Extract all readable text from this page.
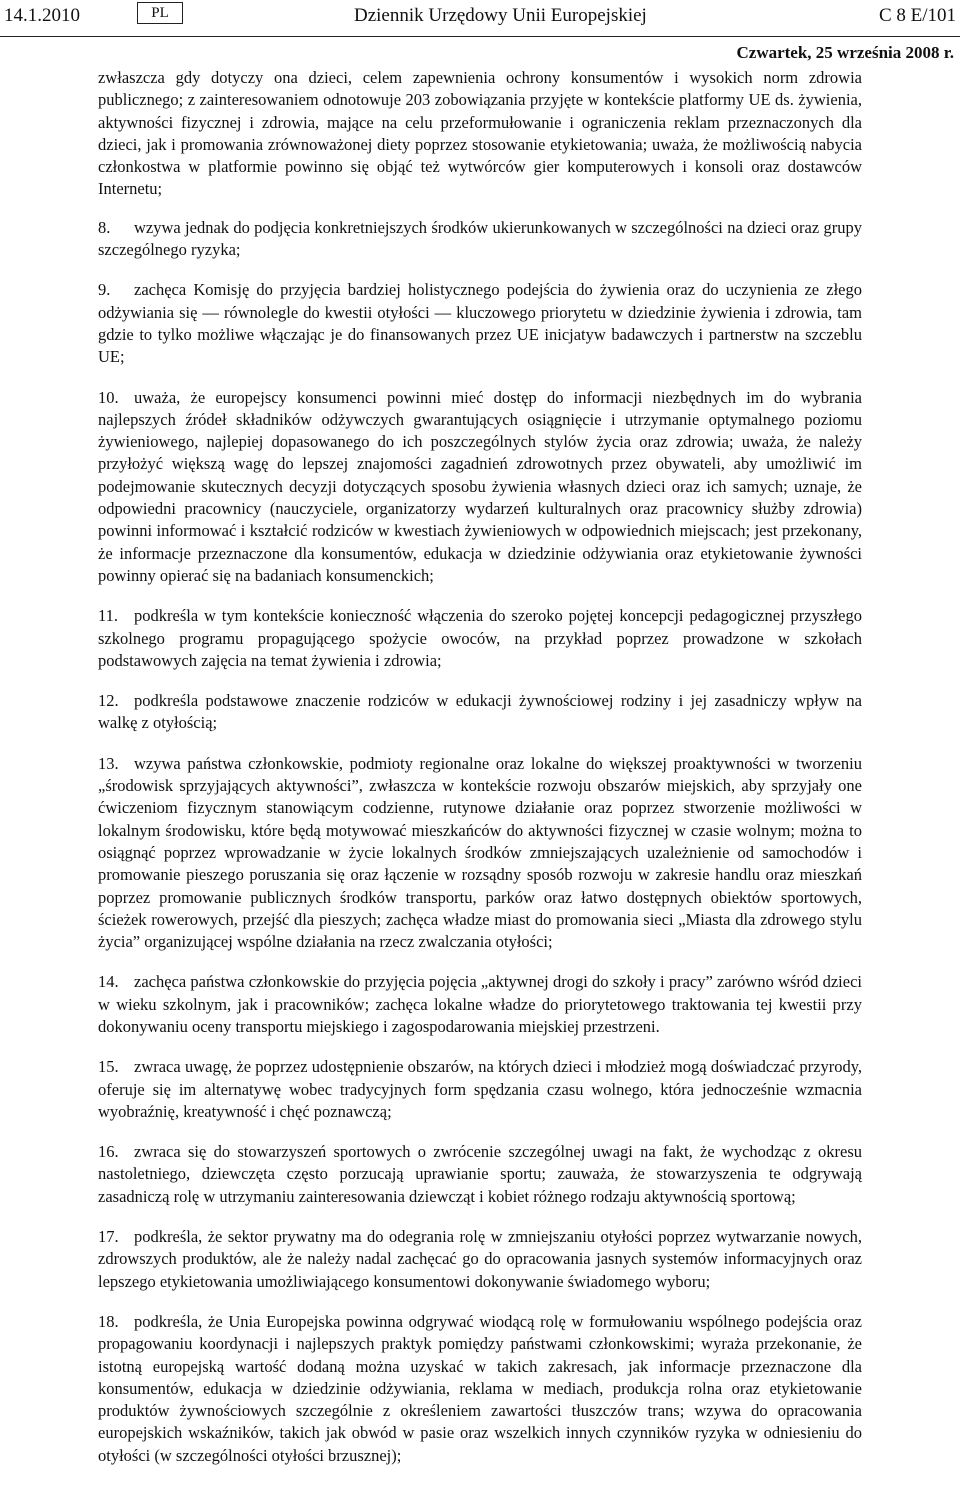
14.1.2010	PL	Dziennik Urzędowy Unii Europejskiej	C 8 E/101
Czwartek, 25 września 2008 r.

zwłaszcza gdy dotyczy ona dzieci, celem zapewnienia ochrony konsumentów i wysokich norm zdrowia publicznego; z zainteresowaniem odnotowuje 203 zobowiązania przyjęte w kontekście platformy UE ds. żywienia, aktywności fizycznej i zdrowia, mające na celu przeformułowanie i ograniczenia reklam przeznaczonych dla dzieci, jak i promowania zrównoważonej diety poprzez stosowanie etykietowania; uważa, że możliwością nabycia członkostwa w platformie powinno się objąć też wytwórców gier komputerowych i konsoli oraz dostawców Internetu;

8. wzywa jednak do podjęcia konkretniejszych środków ukierunkowanych w szczególności na dzieci oraz grupy szczególnego ryzyka;

9. zachęca Komisję do przyjęcia bardziej holistycznego podejścia do żywienia oraz do uczynienia ze złego odżywiania się — równolegle do kwestii otyłości — kluczowego priorytetu w dziedzinie żywienia i zdrowia, tam gdzie to tylko możliwe włączając je do finansowanych przez UE inicjatyw badawczych i partnerstw na szczeblu UE;

10. uważa, że europejscy konsumenci powinni mieć dostęp do informacji niezbędnych im do wybrania najlepszych źródeł składników odżywczych gwarantujących osiągnięcie i utrzymanie optymalnego poziomu żywieniowego, najlepiej dopasowanego do ich poszczególnych stylów życia oraz zdrowia; uważa, że należy przyłożyć większą wagę do lepszej znajomości zagadnień zdrowotnych przez obywateli, aby umożliwić im podejmowanie skutecznych decyzji dotyczących sposobu żywienia własnych dzieci oraz ich samych; uznaje, że odpowiedni pracownicy (nauczyciele, organizatorzy wydarzeń kulturalnych oraz pracownicy służby zdrowia) powinni informować i kształcić rodziców w kwestiach żywieniowych w odpowiednich miejscach; jest przekonany, że informacje przeznaczone dla konsumentów, edukacja w dziedzinie odżywiania oraz etykietowanie żywności powinny opierać się na badaniach konsumenckich;

11. podkreśla w tym kontekście konieczność włączenia do szeroko pojętej koncepcji pedagogicznej przyszłego szkolnego programu propagującego spożycie owoców, na przykład poprzez prowadzone w szkołach podstawowych zajęcia na temat żywienia i zdrowia;

12. podkreśla podstawowe znaczenie rodziców w edukacji żywnościowej rodziny i jej zasadniczy wpływ na walkę z otyłością;

13. wzywa państwa członkowskie, podmioty regionalne oraz lokalne do większej proaktywności w tworzeniu „środowisk sprzyjających aktywności”, zwłaszcza w kontekście rozwoju obszarów miejskich, aby sprzyjały one ćwiczeniom fizycznym stanowiącym codzienne, rutynowe działanie oraz poprzez stworzenie możliwości w lokalnym środowisku, które będą motywować mieszkańców do aktywności fizycznej w czasie wolnym; można to osiągnąć poprzez wprowadzanie w życie lokalnych środków zmniejszających uzależnienie od samochodów i promowanie pieszego poruszania się oraz łączenie w rozsądny sposób rozwoju w zakresie handlu oraz mieszkań poprzez promowanie publicznych środków transportu, parków oraz łatwo dostępnych obiektów sportowych, ścieżek rowerowych, przejść dla pieszych; zachęca władze miast do promowania sieci „Miasta dla zdrowego stylu życia” organizującej wspólne działania na rzecz zwalczania otyłości;

14. zachęca państwa członkowskie do przyjęcia pojęcia „aktywnej drogi do szkoły i pracy” zarówno wśród dzieci w wieku szkolnym, jak i pracowników; zachęca lokalne władze do priorytetowego traktowania tej kwestii przy dokonywaniu oceny transportu miejskiego i zagospodarowania miejskiej przestrzeni.

15. zwraca uwagę, że poprzez udostępnienie obszarów, na których dzieci i młodzież mogą doświadczać przyrody, oferuje się im alternatywę wobec tradycyjnych form spędzania czasu wolnego, która jednocześnie wzmacnia wyobraźnię, kreatywność i chęć poznawczą;

16. zwraca się do stowarzyszeń sportowych o zwrócenie szczególnej uwagi na fakt, że wychodząc z okresu nastoletniego, dziewczęta często porzucają uprawianie sportu; zauważa, że stowarzyszenia te odgrywają zasadniczą rolę w utrzymaniu zainteresowania dziewcząt i kobiet różnego rodzaju aktywnością sportową;

17. podkreśla, że sektor prywatny ma do odegrania rolę w zmniejszaniu otyłości poprzez wytwarzanie nowych, zdrowszych produktów, ale że należy nadal zachęcać go do opracowania jasnych systemów informacyjnych oraz lepszego etykietowania umożliwiającego konsumentowi dokonywanie świadomego wyboru;

18. podkreśla, że Unia Europejska powinna odgrywać wiodącą rolę w formułowaniu wspólnego podejścia oraz propagowaniu koordynacji i najlepszych praktyk pomiędzy państwami członkowskimi; wyraża przekonanie, że istotną europejską wartość dodaną można uzyskać w takich zakresach, jak informacje przeznaczone dla konsumentów, edukacja w dziedzinie odżywiania, reklama w mediach, produkcja rolna oraz etykietowanie produktów żywnościowych szczególnie z określeniem zawartości tłuszczów trans; wzywa do opracowania europejskich wskaźników, takich jak obwód w pasie oraz wszelkich innych czynników ryzyka w odniesieniu do otyłości (w szczególności otyłości brzusznej);
